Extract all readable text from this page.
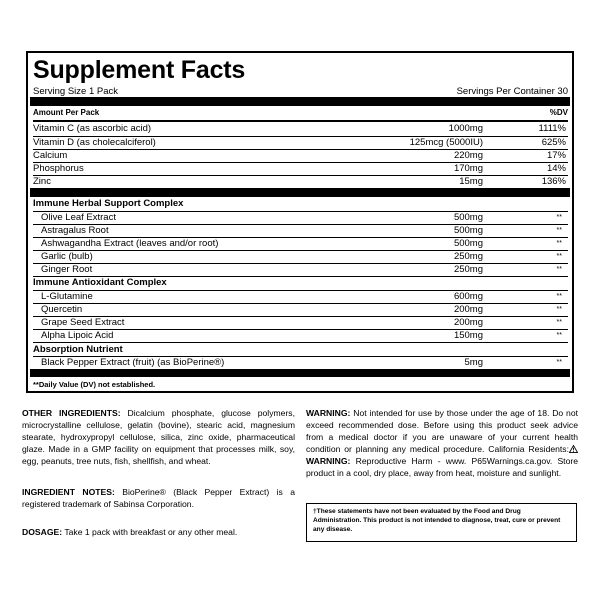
Supplement Facts
Serving Size 1 Pack	Servings Per Container 30
Amount Per Pack	%DV
Vitamin C (as ascorbic acid)	1000mg	1111%
Vitamin D (as cholecalciferol)	125mcg (5000IU)	625%
Calcium	220mg	17%
Phosphorus	170mg	14%
Zinc	15mg	136%
Immune Herbal Support Complex
Olive Leaf Extract	500mg	**
Astragalus Root	500mg	**
Ashwagandha Extract (leaves and/or root)	500mg	**
Garlic (bulb)	250mg	**
Ginger Root	250mg	**
Immune Antioxidant Complex
L-Glutamine	600mg	**
Quercetin	200mg	**
Grape Seed Extract	200mg	**
Alpha Lipoic Acid	150mg	**
Absorption Nutrient
Black Pepper Extract (fruit) (as BioPerine®)	5mg	**
**Daily Value (DV) not established.
OTHER INGREDIENTS: Dicalcium phosphate, glucose polymers, microcrystalline cellulose, gelatin (bovine), stearic acid, magnesium stearate, hydroxypropyl cellulose, silica, zinc oxide, pharmaceutical glaze. Made in a GMP facility on equipment that processes milk, soy, egg, peanuts, tree nuts, fish, shellfish, and wheat.
INGREDIENT NOTES: BioPerine® (Black Pepper Extract) is a registered trademark of Sabinsa Corporation.
DOSAGE: Take 1 pack with breakfast or any other meal.
WARNING: Not intended for use by those under the age of 18. Do not exceed recommended dose. Before using this product seek advice from a medical doctor if you are unaware of your current health condition or planning any medical procedure. California Residents:WARNING: Reproductive Harm - www. P65Warnings.ca.gov. Store product in a cool, dry place, away from heat, moisture and sunlight.
†These statements have not been evaluated by the Food and Drug Administration. This product is not intended to diagnose, treat, cure or prevent any disease.
